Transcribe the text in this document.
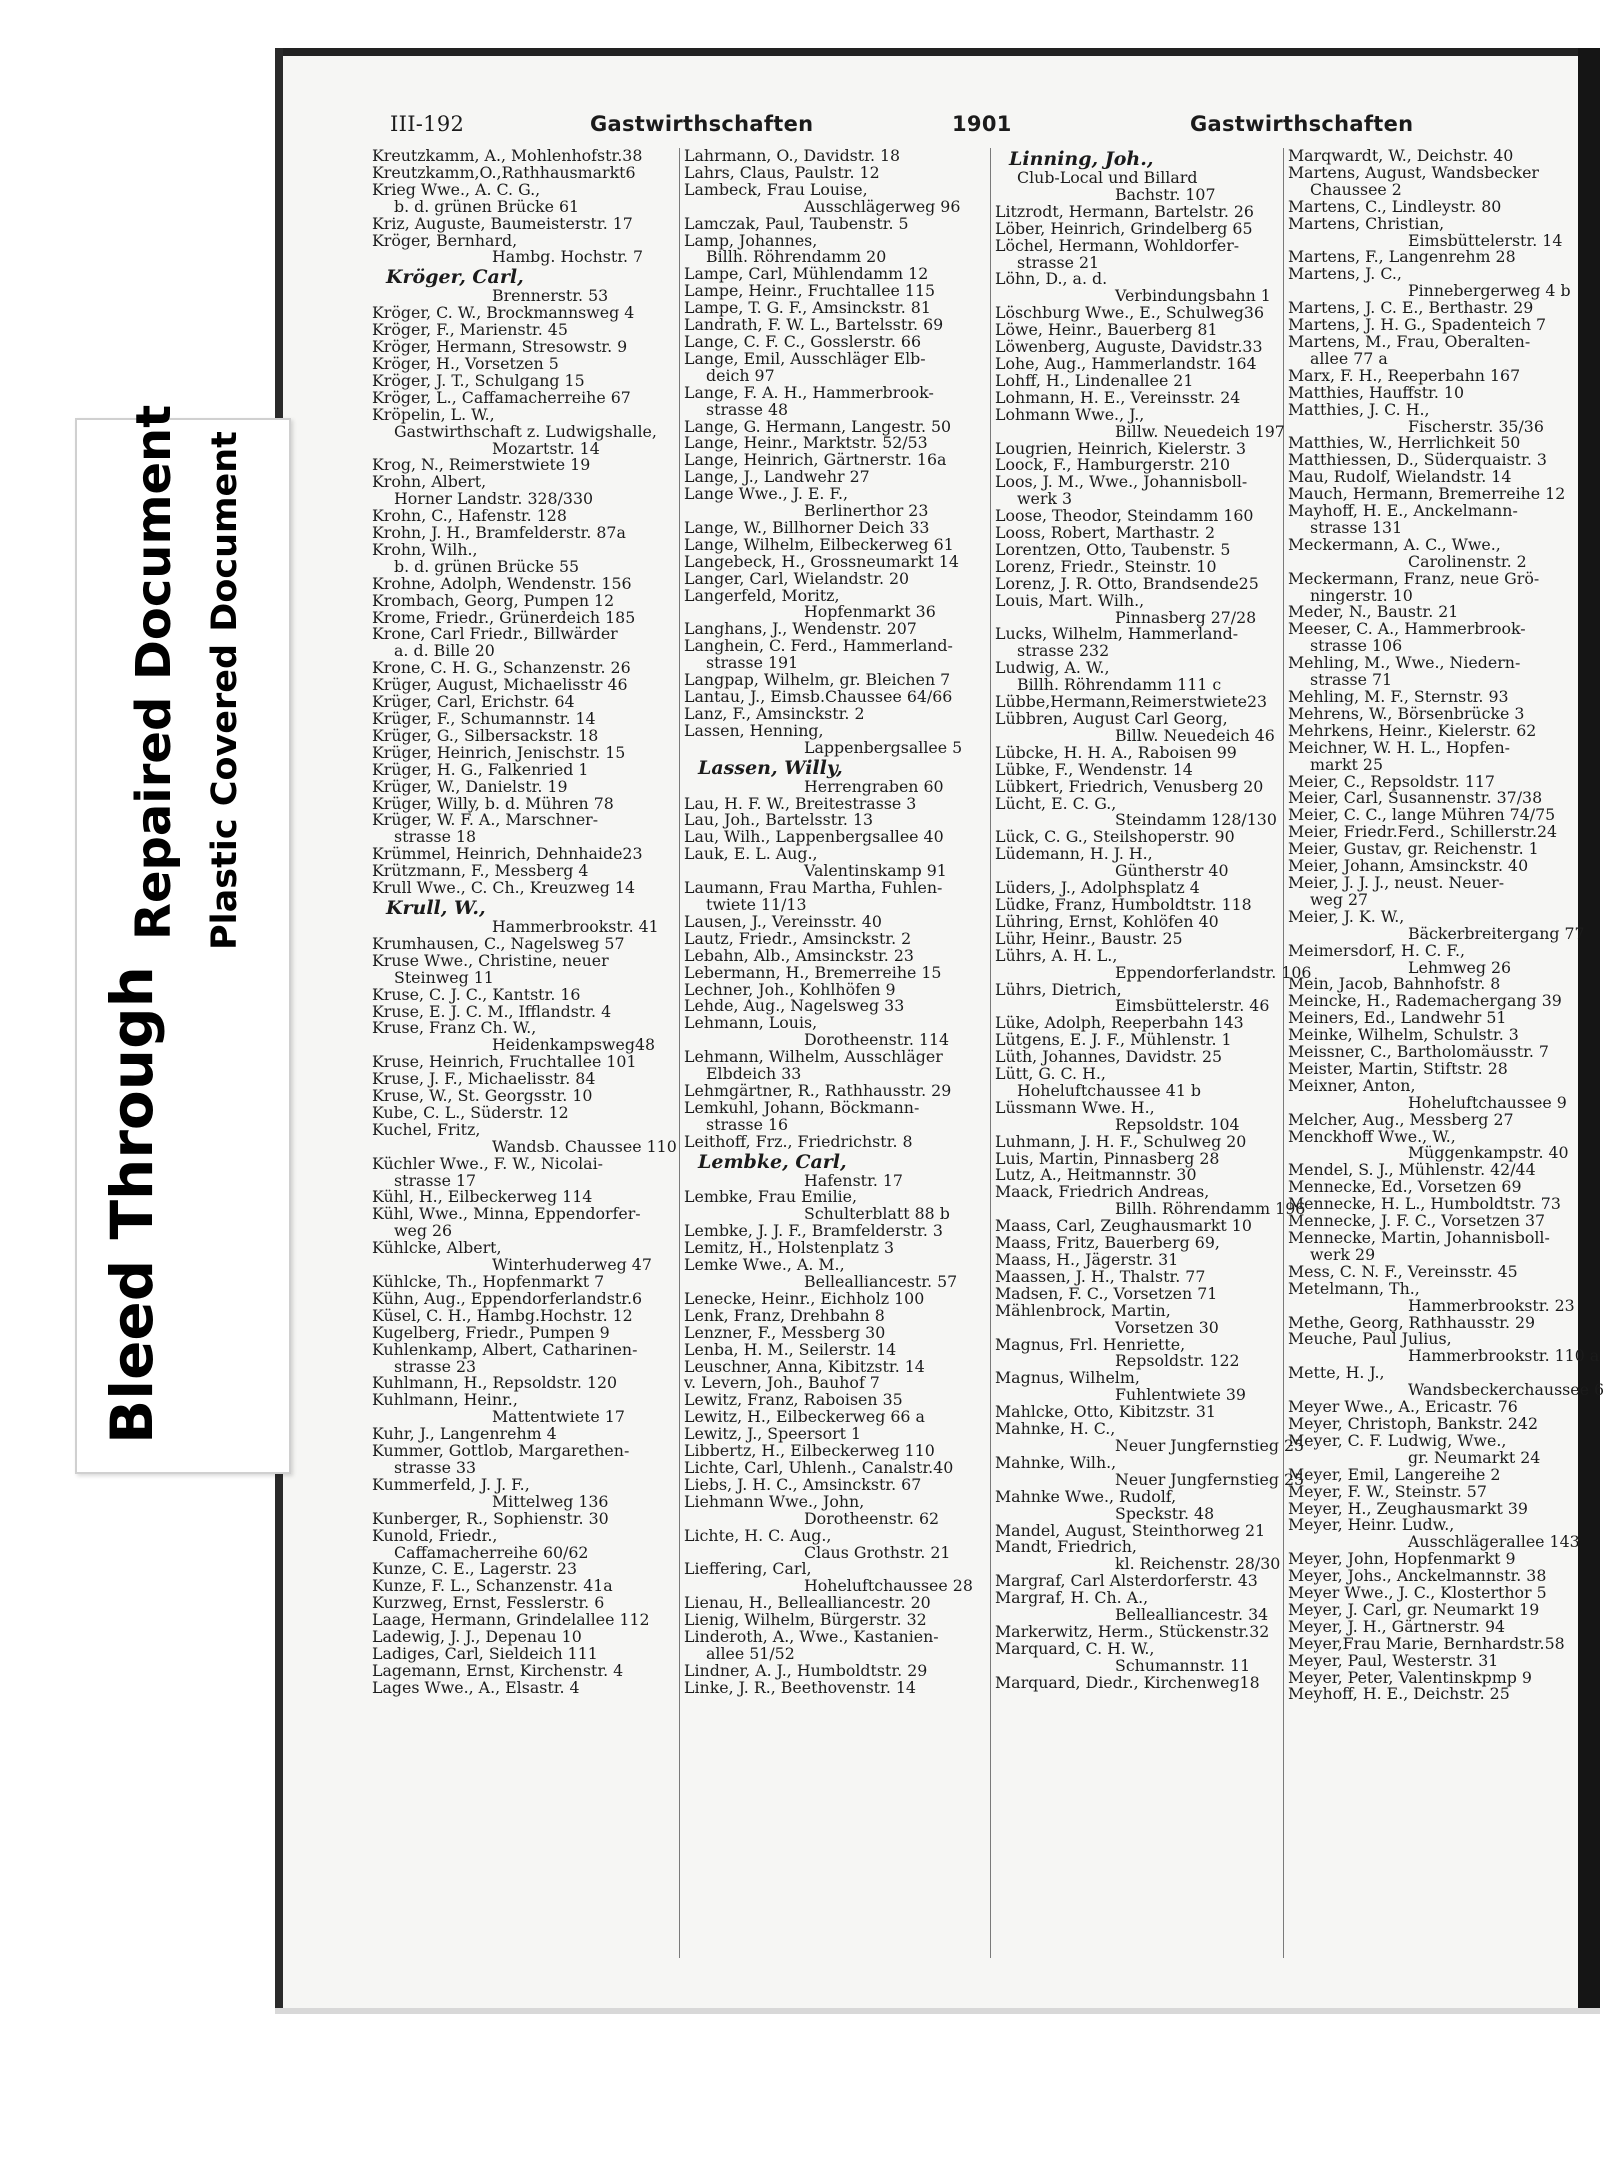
Bleed Through
Repaired Document Plastic Covered Document
III-192	Gastwirthschaften	1901	Gastwirthschaften
Kreutzkamm, A., Mohlenhofstr.38
Kreutzkamm,O.,Rathhausmarkt6
Krieg Wwe., A. C. G.,
b. d. grünen Brücke 61
Kriz, Auguste, Baumeisterstr. 17
Kröger, Bernhard,
Hambg. Hochstr. 7
Kröger, Carl,
Brennerstr. 53
Kröger, C. W., Brockmannsweg 4
Kröger, F., Marienstr. 45
Kröger, Hermann, Stresowstr. 9
Kröger, H., Vorsetzen 5
Kröger, J. T., Schulgang 15
Kröger, L., Caffamacherreihe 67
Kröpelin, L. W.,
Gastwirthschaft z. Ludwigshalle,
Mozartstr. 14
Krog, N., Reimerstwiete 19
Krohn, Albert,
Horner Landstr. 328/330
Krohn, C., Hafenstr. 128
Krohn, J. H., Bramfelderstr. 87a
Krohn, Wilh.,
b. d. grünen Brücke 55
Krohne, Adolph, Wendenstr. 156
Krombach, Georg, Pumpen 12
Krome, Friedr., Grünerdeich 185
Krone, Carl Friedr., Billwärder
a. d. Bille 20
Krone, C. H. G., Schanzenstr. 26
Krüger, August, Michaelisstr 46
Krüger, Carl, Erichstr. 64
Krüger, F., Schumannstr. 14
Krüger, G., Silbersackstr. 18
Krüger, Heinrich, Jenischstr. 15
Krüger, H. G., Falkenried 1
Krüger, W., Danielstr. 19
Krüger, Willy, b. d. Mühren 78
Krüger, W. F. A., Marschner-
strasse 18
Krümmel, Heinrich, Dehnhaide23
Krützmann, F., Messberg 4
Krull Wwe., C. Ch., Kreuzweg 14
Krull, W.,
Hammerbrookstr. 41
Krumhausen, C., Nagelsweg 57
Kruse Wwe., Christine, neuer
Steinweg 11
Kruse, C. J. C., Kantstr. 16
Kruse, E. J. C. M., Ifflandstr. 4
Kruse, Franz Ch. W.,
Heidenkampsweg48
Kruse, Heinrich, Fruchtallee 101
Kruse, J. F., Michaelisstr. 84
Kruse, W., St. Georgsstr. 10
Kube, C. L., Süderstr. 12
Kuchel, Fritz,
Wandsb. Chaussee 110
Küchler Wwe., F. W., Nicolai-
strasse 17
Kühl, H., Eilbeckerweg 114
Kühl, Wwe., Minna, Eppendorfer-
weg 26
Kühlcke, Albert,
Winterhuderweg 47
Kühlcke, Th., Hopfenmarkt 7
Kühn, Aug., Eppendorferlandstr.6
Küsel, C. H., Hambg.Hochstr. 12
Kugelberg, Friedr., Pumpen 9
Kuhlenkamp, Albert, Catharinen-
strasse 23
Kuhlmann, H., Repsoldstr. 120
Kuhlmann, Heinr.,
Mattentwiete 17
Kuhr, J., Langenrehm 4
Kummer, Gottlob, Margarethen-
strasse 33
Kummerfeld, J. J. F.,
Mittelweg 136
Kunberger, R., Sophienstr. 30
Kunold, Friedr.,
Caffamacherreihe 60/62
Kunze, C. E., Lagerstr. 23
Kunze, F. L., Schanzenstr. 41a
Kurzweg, Ernst, Fesslerstr. 6
Laage, Hermann, Grindelallee 112
Ladewig, J. J., Depenau 10
Ladiges, Carl, Sieldeich 111
Lagemann, Ernst, Kirchenstr. 4
Lages Wwe., A., Elsastr. 4
Lahrmann, O., Davidstr. 18
Lahrs, Claus, Paulstr. 12
Lambeck, Frau Louise,
Ausschlägerweg 96
Lamczak, Paul, Taubenstr. 5
Lamp, Johannes,
Billh. Röhrendamm 20
Lampe, Carl, Mühlendamm 12
Lampe, Heinr., Fruchtallee 115
Lampe, T. G. F., Amsinckstr. 81
Landrath, F. W. L., Bartelsstr. 69
Lange, C. F. C., Gosslerstr. 66
Lange, Emil, Ausschläger Elb-
deich 97
Lange, F. A. H., Hammerbrook-
strasse 48
Lange, G. Hermann, Langestr. 50
Lange, Heinr., Marktstr. 52/53
Lange, Heinrich, Gärtnerstr. 16a
Lange, J., Landwehr 27
Lange Wwe., J. E. F.,
Berlinerthor 23
Lange, W., Billhorner Deich 33
Lange, Wilhelm, Eilbeckerweg 61
Langebeck, H., Grossneumarkt 14
Langer, Carl, Wielandstr. 20
Langerfeld, Moritz,
Hopfenmarkt 36
Langhans, J., Wendenstr. 207
Langhein, C. Ferd., Hammerland-
strasse 191
Langpap, Wilhelm, gr. Bleichen 7
Lantau, J., Eimsb.Chaussee 64/66
Lanz, F., Amsinckstr. 2
Lassen, Henning,
Lappenbergsallee 5
Lassen, Willy,
Herrengraben 60
Lau, H. F. W., Breitestrasse 3
Lau, Joh., Bartelsstr. 13
Lau, Wilh., Lappenbergsallee 40
Lauk, E. L. Aug.,
Valentinskamp 91
Laumann, Frau Martha, Fuhlen-
twiete 11/13
Lausen, J., Vereinsstr. 40
Lautz, Friedr., Amsinckstr. 2
Lebahn, Alb., Amsinckstr. 23
Lebermann, H., Bremerreihe 15
Lechner, Joh., Kohlhöfen 9
Lehde, Aug., Nagelsweg 33
Lehmann, Louis,
Dorotheenstr. 114
Lehmann, Wilhelm, Ausschläger
Elbdeich 33
Lehmgärtner, R., Rathhausstr. 29
Lemkuhl, Johann, Böckmann-
strasse 16
Leithoff, Frz., Friedrichstr. 8
Lembke, Carl,
Hafenstr. 17
Lembke, Frau Emilie,
Schulterblatt 88 b
Lembke, J. J. F., Bramfelderstr. 3
Lemitz, H., Holstenplatz 3
Lemke Wwe., A. M.,
Bellealliancestr. 57
Lenecke, Heinr., Eichholz 100
Lenk, Franz, Drehbahn 8
Lenzner, F., Messberg 30
Lenba, H. M., Seilerstr. 14
Leuschner, Anna, Kibitzstr. 14
v. Levern, Joh., Bauhof 7
Lewitz, Franz, Raboisen 35
Lewitz, H., Eilbeckerweg 66 a
Lewitz, J., Speersort 1
Libbertz, H., Eilbeckerweg 110
Lichte, Carl, Uhlenh., Canalstr.40
Liebs, J. H. C., Amsinckstr. 67
Liehmann Wwe., John,
Dorotheenstr. 62
Lichte, H. C. Aug.,
Claus Grothstr. 21
Lieffering, Carl,
Hoheluftchaussee 28
Lienau, H., Bellealliancestr. 20
Lienig, Wilhelm, Bürgerstr. 32
Linderoth, A., Wwe., Kastanien-
allee 51/52
Lindner, A. J., Humboldtstr. 29
Linke, J. R., Beethovenstr. 14
Linning, Joh.,
Club-Local und Billard
Bachstr. 107
Litzrodt, Hermann, Bartelstr. 26
Löber, Heinrich, Grindelberg 65
Löchel, Hermann, Wohldorfer-
strasse 21
Löhn, D., a. d.
Verbindungsbahn 1
Löschburg Wwe., E., Schulweg36
Löwe, Heinr., Bauerberg 81
Löwenberg, Auguste, Davidstr.33
Lohe, Aug., Hammerlandstr. 164
Lohff, H., Lindenallee 21
Lohmann, H. E., Vereinsstr. 24
Lohmann Wwe., J.,
Billw. Neuedeich 197
Lougrien, Heinrich, Kielerstr. 3
Loock, F., Hamburgerstr. 210
Loos, J. M., Wwe., Johannisboll-
werk 3
Loose, Theodor, Steindamm 160
Looss, Robert, Marthastr. 2
Lorentzen, Otto, Taubenstr. 5
Lorenz, Friedr., Steinstr. 10
Lorenz, J. R. Otto, Brandsende25
Louis, Mart. Wilh.,
Pinnasberg 27/28
Lucks, Wilhelm, Hammerland-
strasse 232
Ludwig, A. W.,
Billh. Röhrendamm 111 c
Lübbe,Hermann,Reimerstwiete23
Lübbren, August Carl Georg,
Billw. Neuedeich 46
Lübcke, H. H. A., Raboisen 99
Lübke, F., Wendenstr. 14
Lübkert, Friedrich, Venusberg 20
Lücht, E. C. G.,
Steindamm 128/130
Lück, C. G., Steilshoperstr. 90
Lüdemann, H. J. H.,
Güntherstr 40
Lüders, J., Adolphsplatz 4
Lüdke, Franz, Humboldtstr. 118
Lühring, Ernst, Kohlöfen 40
Lühr, Heinr., Baustr. 25
Lührs, A. H. L.,
Eppendorferlandstr. 106
Lührs, Dietrich,
Eimsbüttelerstr. 46
Lüke, Adolph, Reeperbahn 143
Lütgens, E. J. F., Mühlenstr. 1
Lüth, Johannes, Davidstr. 25
Lütt, G. C. H.,
Hoheluftchaussee 41 b
Lüssmann Wwe. H.,
Repsoldstr. 104
Luhmann, J. H. F., Schulweg 20
Luis, Martin, Pinnasberg 28
Lutz, A., Heitmannstr. 30
Maack, Friedrich Andreas,
Billh. Röhrendamm 196
Maass, Carl, Zeughausmarkt 10
Maass, Fritz, Bauerberg 69,
Maass, H., Jägerstr. 31
Maassen, J. H., Thalstr. 77
Madsen, F. C., Vorsetzen 71
Mählenbrock, Martin,
Vorsetzen 30
Magnus, Frl. Henriette,
Repsoldstr. 122
Magnus, Wilhelm,
Fuhlentwiete 39
Mahlcke, Otto, Kibitzstr. 31
Mahnke, H. C.,
Neuer Jungfernstieg 25
Mahnke, Wilh.,
Neuer Jungfernstieg 25
Mahnke Wwe., Rudolf,
Speckstr. 48
Mandel, August, Steinthorweg 21
Mandt, Friedrich,
kl. Reichenstr. 28/30
Margraf, Carl Alsterdorferstr. 43
Margraf, H. Ch. A.,
Bellealliancestr. 34
Markerwitz, Herm., Stückenstr.32
Marquard, C. H. W.,
Schumannstr. 11
Marquard, Diedr., Kirchenweg18
Marqwardt, W., Deichstr. 40
Martens, August, Wandsbecker
Chaussee 2
Martens, C., Lindleystr. 80
Martens, Christian,
Eimsbüttelerstr. 14
Martens, F., Langenrehm 28
Martens, J. C.,
Pinnebergerweg 4 b
Martens, J. C. E., Berthastr. 29
Martens, J. H. G., Spadenteich 7
Martens, M., Frau, Oberalten-
allee 77 a
Marx, F. H., Reeperbahn 167
Matthies, Hauffstr. 10
Matthies, J. C. H.,
Fischerstr. 35/36
Matthies, W., Herrlichkeit 50
Matthiessen, D., Süderquaistr. 3
Mau, Rudolf, Wielandstr. 14
Mauch, Hermann, Bremerreihe 12
Mayhoff, H. E., Anckelmann-
strasse 131
Meckermann, A. C., Wwe.,
Carolinenstr. 2
Meckermann, Franz, neue Grö-
ningerstr. 10
Meder, N., Baustr. 21
Meeser, C. A., Hammerbrook-
strasse 106
Mehling, M., Wwe., Niedern-
strasse 71
Mehling, M. F., Sternstr. 93
Mehrens, W., Börsenbrücke 3
Mehrkens, Heinr., Kielerstr. 62
Meichner, W. H. L., Hopfen-
markt 25
Meier, C., Repsoldstr. 117
Meier, Carl, Susannenstr. 37/38
Meier, C. C., lange Mühren 74/75
Meier, Friedr.Ferd., Schillerstr.24
Meier, Gustav, gr. Reichenstr. 1
Meier, Johann, Amsinckstr. 40
Meier, J. J. J., neust. Neuer-
weg 27
Meier, J. K. W.,
Bäckerbreitergang 77
Meimersdorf, H. C. F.,
Lehmweg 26
Mein, Jacob, Bahnhofstr. 8
Meincke, H., Rademachergang 39
Meiners, Ed., Landwehr 51
Meinke, Wilhelm, Schulstr. 3
Meissner, C., Bartholomäusstr. 7
Meister, Martin, Stiftstr. 28
Meixner, Anton,
Hoheluftchaussee 9
Melcher, Aug., Messberg 27
Menckhoff Wwe., W.,
Müggenkampstr. 40
Mendel, S. J., Mühlenstr. 42/44
Mennecke, Ed., Vorsetzen 69
Mennecke, H. L., Humboldtstr. 73
Mennecke, J. F. C., Vorsetzen 37
Mennecke, Martin, Johannisboll-
werk 29
Mess, C. N. F., Vereinsstr. 45
Metelmann, Th.,
Hammerbrookstr. 23
Methe, Georg, Rathhausstr. 29
Meuche, Paul Julius,
Hammerbrookstr. 110 a
Mette, H. J.,
Wandsbeckerchaussee 6
Meyer Wwe., A., Ericastr. 76
Meyer, Christoph, Bankstr. 242
Meyer, C. F. Ludwig, Wwe.,
gr. Neumarkt 24
Meyer, Emil, Langereihe 2
Meyer, F. W., Steinstr. 57
Meyer, H., Zeughausmarkt 39
Meyer, Heinr. Ludw.,
Ausschlägerallee 143
Meyer, John, Hopfenmarkt 9
Meyer, Johs., Anckelmannstr. 38
Meyer Wwe., J. C., Klosterthor 5
Meyer, J. Carl, gr. Neumarkt 19
Meyer, J. H., Gärtnerstr. 94
Meyer,Frau Marie, Bernhardstr.58
Meyer, Paul, Westerstr. 31
Meyer, Peter, Valentinskpmp 9
Meyhoff, H. E., Deichstr. 25
